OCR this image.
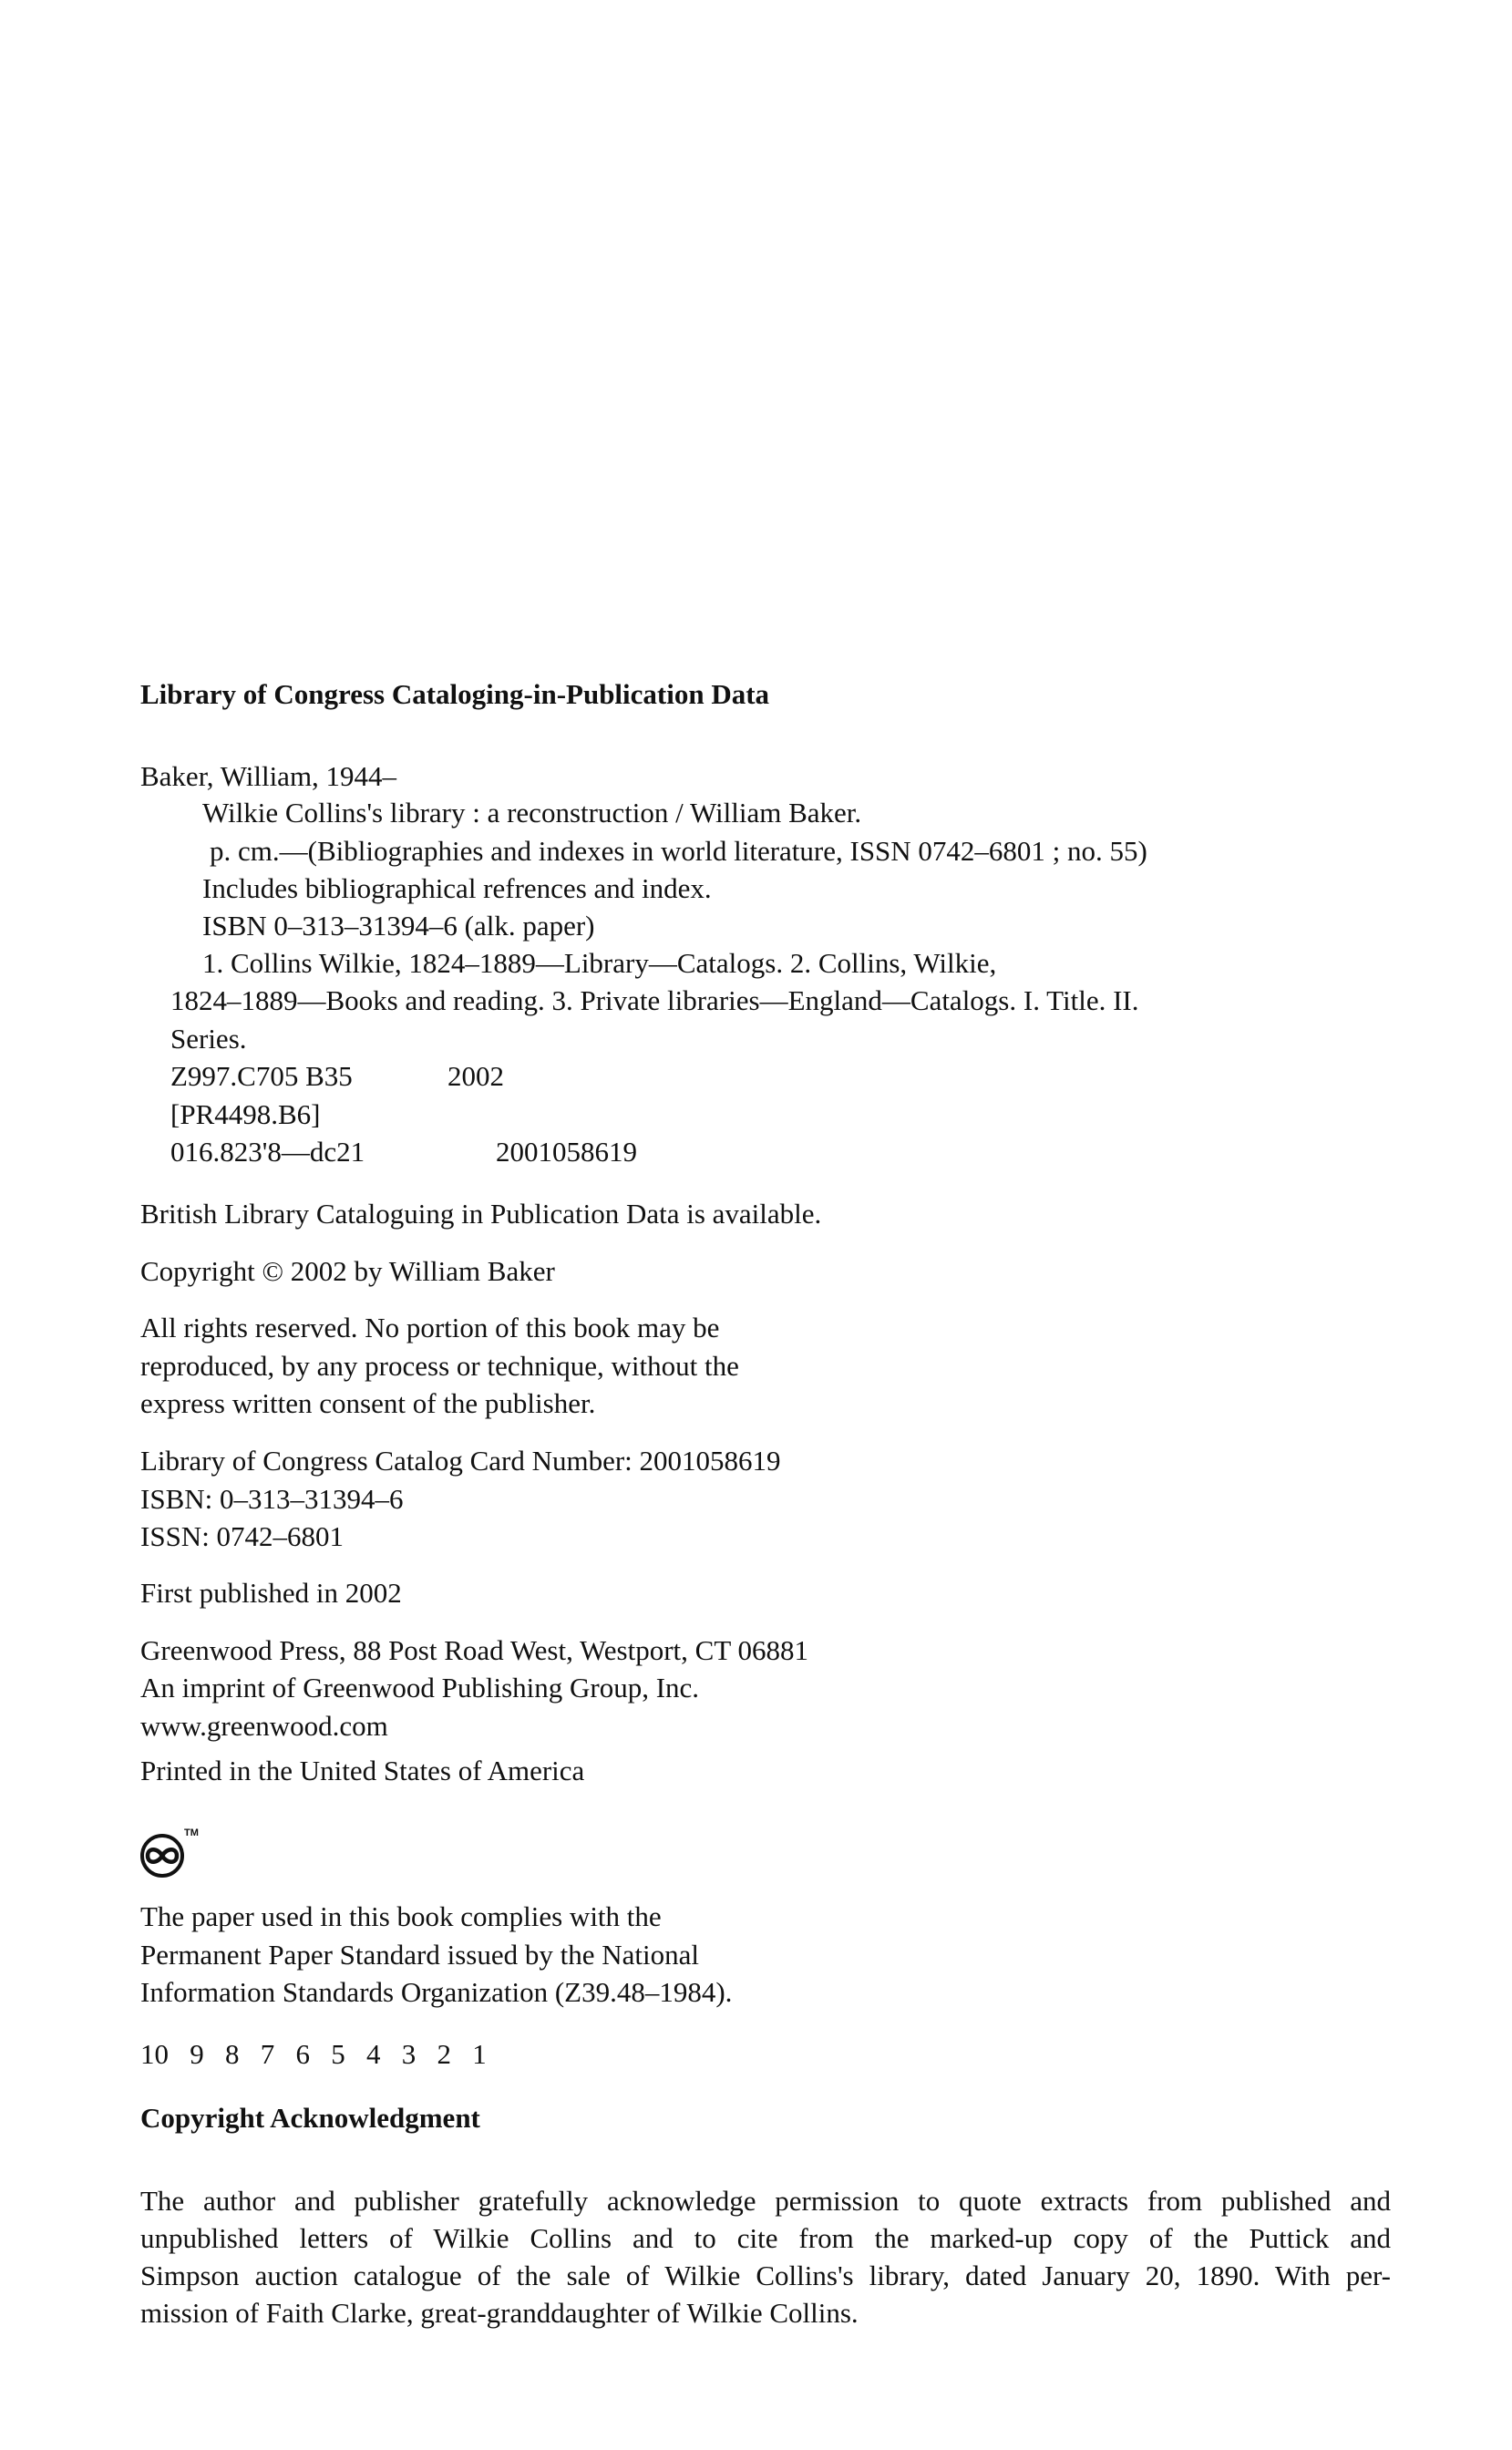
Library of Congress Cataloging-in-Publication Data
Baker, William, 1944–
Wilkie Collins's library : a reconstruction / William Baker.
p. cm.—(Bibliographies and indexes in world literature, ISSN 0742–6801 ; no. 55)
Includes bibliographical refrences and index.
ISBN 0–313–31394–6 (alk. paper)
1. Collins Wilkie, 1824–1889—Library—Catalogs. 2. Collins, Wilkie,
1824–1889—Books and reading. 3. Private libraries—England—Catalogs. I. Title. II.
Series.
Z997.C705 B35	2002
[PR4498.B6]
016.823'8—dc21	2001058619
British Library Cataloguing in Publication Data is available.
Copyright © 2002 by William Baker
All rights reserved. No portion of this book may be
reproduced, by any process or technique, without the
express written consent of the publisher.
Library of Congress Catalog Card Number: 2001058619
ISBN: 0–313–31394–6
ISSN: 0742–6801
First published in 2002
Greenwood Press, 88 Post Road West, Westport, CT 06881
An imprint of Greenwood Publishing Group, Inc.
www.greenwood.com
Printed in the United States of America
TM
The paper used in this book complies with the
Permanent Paper Standard issued by the National
Information Standards Organization (Z39.48–1984).
10   9   8   7   6   5   4   3   2   1
Copyright Acknowledgment
The author and publisher gratefully acknowledge permission to quote extracts from published and
unpublished letters of Wilkie Collins and to cite from the marked-up copy of the Puttick and
Simpson auction catalogue of the sale of Wilkie Collins's library, dated January 20, 1890. With per-
mission of Faith Clarke, great-granddaughter of Wilkie Collins.
